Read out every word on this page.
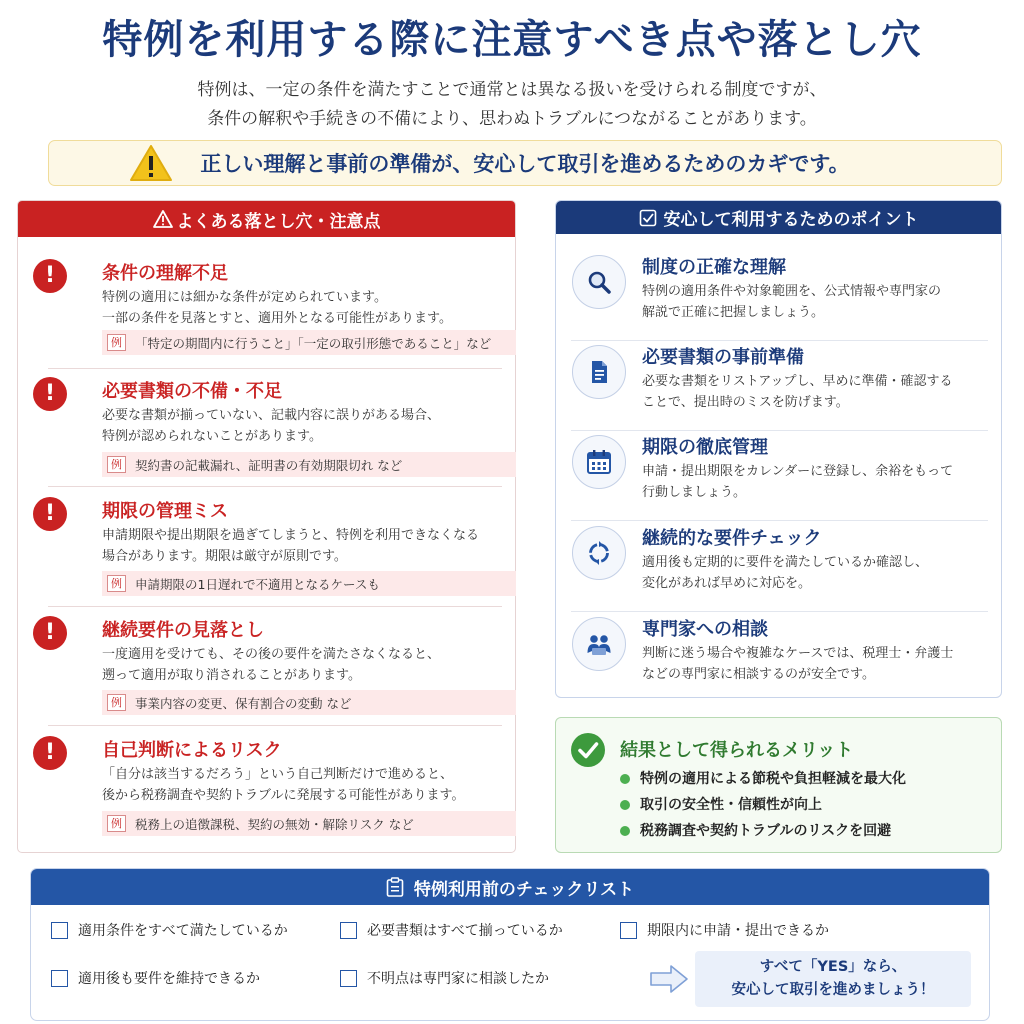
特例を利用する際に注意すべき点や落とし穴
特例は、一定の条件を満たすことで通常とは異なる扱いを受けられる制度ですが、
条件の解釈や手続きの不備により、思わぬトラブルにつながることがあります。
正しい理解と事前の準備が、安心して取引を進めるためのカギです。
よくある落とし穴・注意点
!	条件の理解不足
特例の適用には細かな条件が定められています。
一部の条件を見落とすと、適用外となる可能性があります。
例	「特定の期間内に行うこと」「一定の取引形態であること」など
!	必要書類の不備・不足
必要な書類が揃っていない、記載内容に誤りがある場合、
特例が認められないことがあります。
例	契約書の記載漏れ、証明書の有効期限切れ など
!	期限の管理ミス
申請期限や提出期限を過ぎてしまうと、特例を利用できなくなる
場合があります。期限は厳守が原則です。
例	申請期限の1日遅れで不適用となるケースも
!	継続要件の見落とし
一度適用を受けても、その後の要件を満たさなくなると、
遡って適用が取り消されることがあります。
例	事業内容の変更、保有割合の変動 など
!	自己判断によるリスク
「自分は該当するだろう」という自己判断だけで進めると、
後から税務調査や契約トラブルに発展する可能性があります。
例	税務上の追徴課税、契約の無効・解除リスク など
安心して利用するためのポイント
制度の正確な理解
特例の適用条件や対象範囲を、公式情報や専門家の
解説で正確に把握しましょう。
必要書類の事前準備
必要な書類をリストアップし、早めに準備・確認する
ことで、提出時のミスを防げます。
期限の徹底管理
申請・提出期限をカレンダーに登録し、余裕をもって
行動しましょう。
継続的な要件チェック
適用後も定期的に要件を満たしているか確認し、
変化があれば早めに対応を。
専門家への相談
判断に迷う場合や複雑なケースでは、税理士・弁護士
などの専門家に相談するのが安全です。
結果として得られるメリット
特例の適用による節税や負担軽減を最大化
取引の安全性・信頼性が向上
税務調査や契約トラブルのリスクを回避
特例利用前のチェックリスト
適用条件をすべて満たしているか	必要書類はすべて揃っているか	期限内に申請・提出できるか
適用後も要件を維持できるか	不明点は専門家に相談したか
すべて「YES」なら、
安心して取引を進めましょう！
